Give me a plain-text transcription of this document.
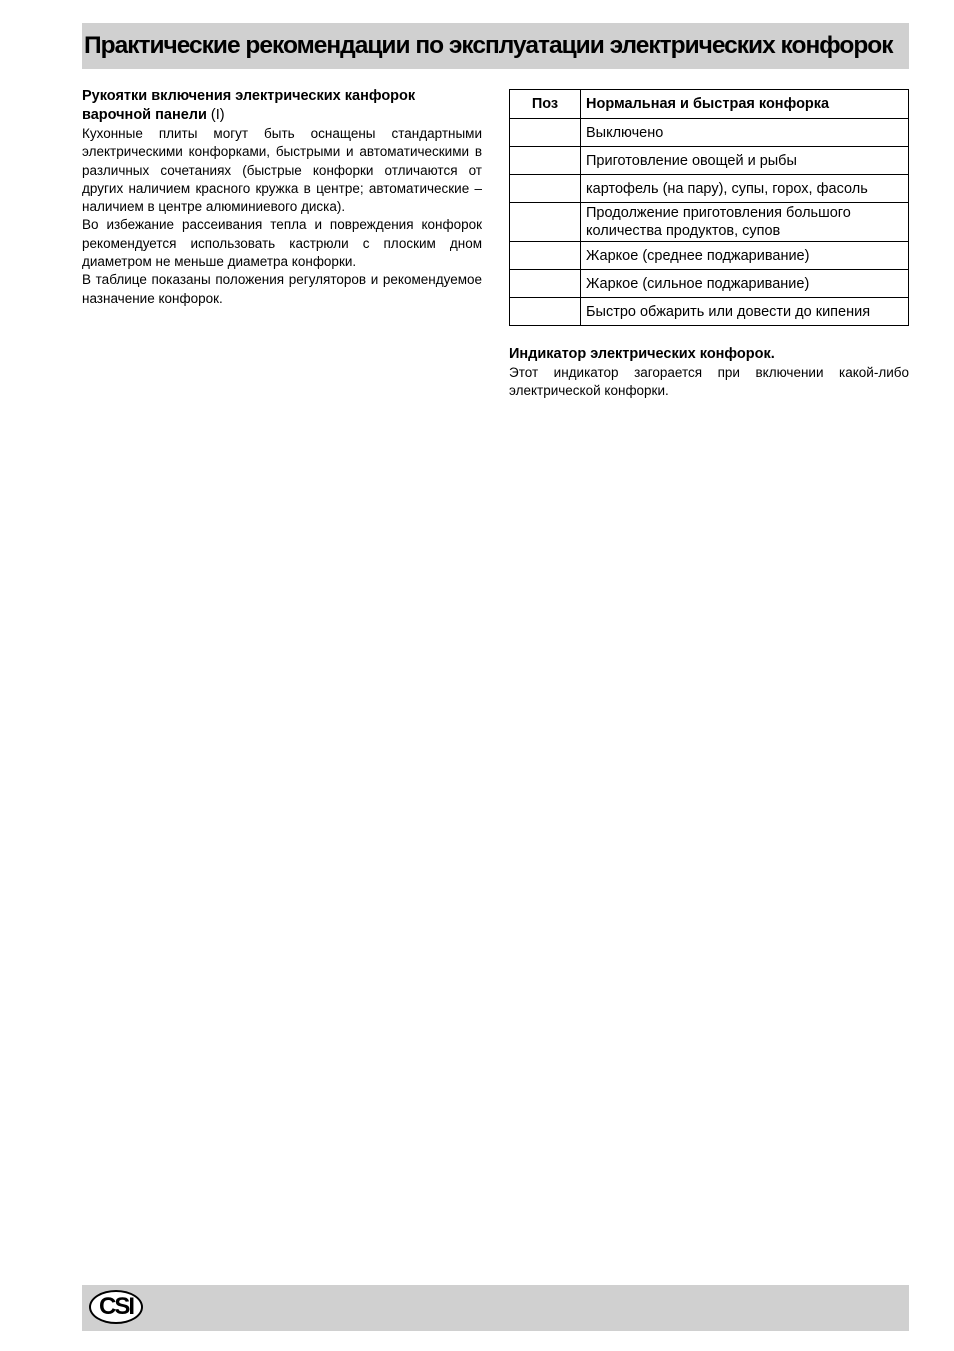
Практические рекомендации по эксплуатации электрических конфорок
Рукоятки включения электрических канфорок варочной панели (I)

Кухонные плиты могут быть оснащены стандартными электрическими конфорками, быстрыми и автоматическими в различных сочетаниях (быстрые конфорки отличаются от других наличием красного кружка в центре; автоматические – наличием в центре алюминиевого диска).

Во избежание рассеивания тепла и повреждения конфорок рекомендуется использовать кастрюли с плоским дном диаметром не меньше диаметра конфорки.

В таблице показаны положения регуляторов и рекомендуемое назначение конфорок.

Поз	Нормальная и быстрая конфорка
	Выключено
	Приготовление овощей и рыбы
	картофель (на пару), супы, горох, фасоль
	Продолжение приготовления большого количества продуктов, супов
	Жаркое (среднее поджаривание)
	Жаркое (сильное поджаривание)
	Быстро обжарить или довести до кипения
Индикатор электрических конфорок.

Этот индикатор загорается при включении какой-либо электрической конфорки.

CSI
